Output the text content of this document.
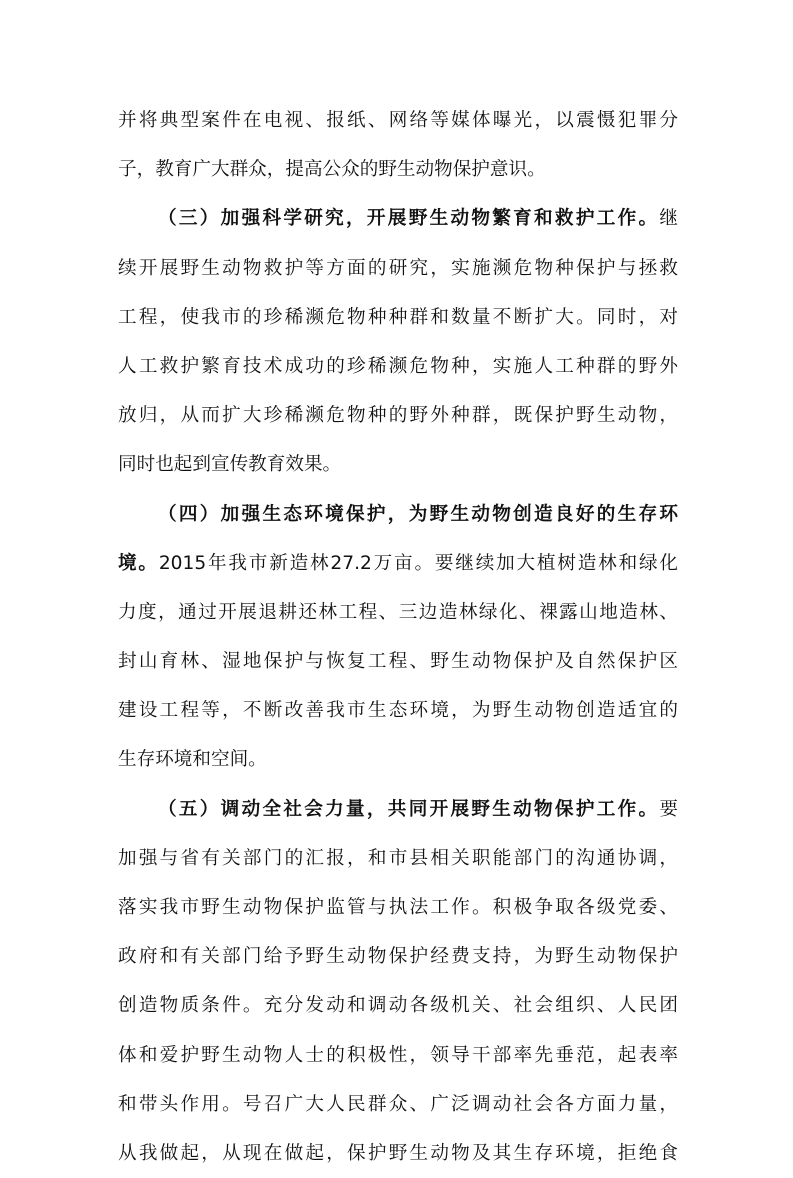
并将典型案件在电视、报纸、网络等媒体曝光，以震慑犯罪分
子，教育广大群众，提高公众的野生动物保护意识。
（三）加强科学研究，开展野生动物繁育和救护工作。继
续开展野生动物救护等方面的研究，实施濒危物种保护与拯救
工程，使我市的珍稀濒危物种种群和数量不断扩大。同时，对
人工救护繁育技术成功的珍稀濒危物种，实施人工种群的野外
放归，从而扩大珍稀濒危物种的野外种群，既保护野生动物，
同时也起到宣传教育效果。
（四）加强生态环境保护，为野生动物创造良好的生存环
境。2015年我市新造林27.2万亩。要继续加大植树造林和绿化
力度，通过开展退耕还林工程、三边造林绿化、裸露山地造林、
封山育林、湿地保护与恢复工程、野生动物保护及自然保护区
建设工程等，不断改善我市生态环境，为野生动物创造适宜的
生存环境和空间。
（五）调动全社会力量，共同开展野生动物保护工作。要
加强与省有关部门的汇报，和市县相关职能部门的沟通协调，
落实我市野生动物保护监管与执法工作。积极争取各级党委、
政府和有关部门给予野生动物保护经费支持，为野生动物保护
创造物质条件。充分发动和调动各级机关、社会组织、人民团
体和爱护野生动物人士的积极性，领导干部率先垂范，起表率
和带头作用。号召广大人民群众、广泛调动社会各方面力量，
从我做起，从现在做起，保护野生动物及其生存环境，拒绝食
